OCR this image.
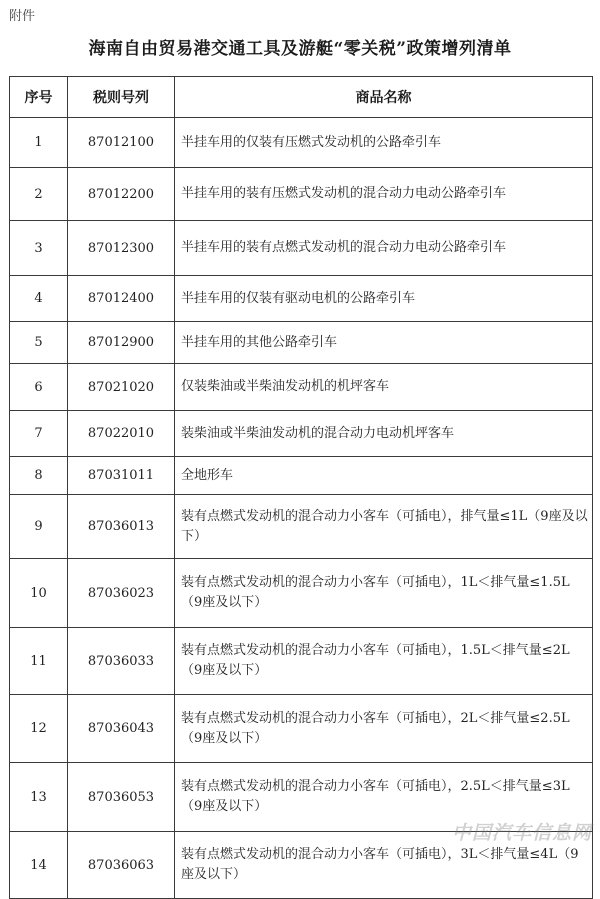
附件
海南自由贸易港交通工具及游艇“零关税”政策增列清单
序号	税则号列	商品名称
1	87012100	半挂车用的仅装有压燃式发动机的公路牵引车
2	87012200	半挂车用的装有压燃式发动机的混合动力电动公路牵引车
3	87012300	半挂车用的装有点燃式发动机的混合动力电动公路牵引车
4	87012400	半挂车用的仅装有驱动电机的公路牵引车
5	87012900	半挂车用的其他公路牵引车
6	87021020	仅装柴油或半柴油发动机的机坪客车
7	87022010	装柴油或半柴油发动机的混合动力电动机坪客车
8	87031011	全地形车
9	87036013	装有点燃式发动机的混合动力小客车（可插电），排气量≤1L（9座及以下）
10	87036023	装有点燃式发动机的混合动力小客车（可插电），1L＜排气量≤1.5L（9座及以下）
11	87036033	装有点燃式发动机的混合动力小客车（可插电），1.5L＜排气量≤2L（9座及以下）
12	87036043	装有点燃式发动机的混合动力小客车（可插电），2L＜排气量≤2.5L（9座及以下）
13	87036053	装有点燃式发动机的混合动力小客车（可插电），2.5L＜排气量≤3L（9座及以下）
14	87036063	装有点燃式发动机的混合动力小客车（可插电），3L＜排气量≤4L（9座及以下）
中国汽车信息网
